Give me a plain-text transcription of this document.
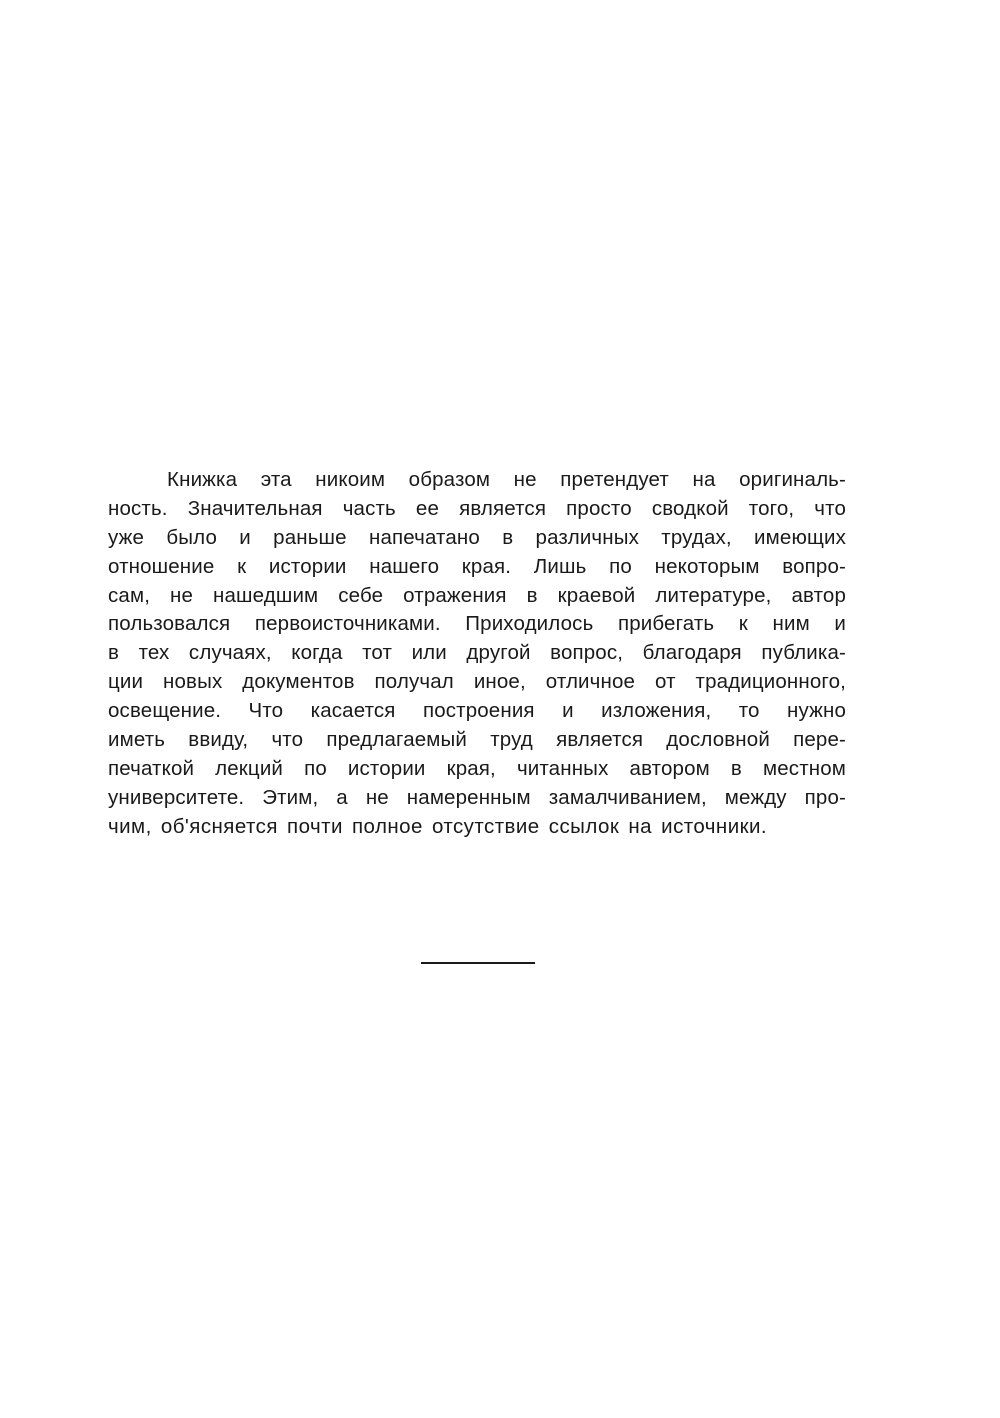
Книжка эта никоим образом не претендует на оригиналь-
ность. Значительная часть ее является просто сводкой того, что
уже было и раньше напечатано в различных трудах, имеющих
отношение к истории нашего края. Лишь по некоторым вопро-
сам, не нашедшим себе отражения в краевой литературе, автор
пользовался первоисточниками. Приходилось прибегать к ним и
в тех случаях, когда тот или другой вопрос, благодаря публика-
ции новых документов получал иное, отличное от традиционного,
освещение. Что касается построения и изложения, то нужно
иметь ввиду, что предлагаемый труд является дословной пере-
печаткой лекций по истории края, читанных автором в местном
университете. Этим, а не намеренным замалчиванием, между про-
чим, об'ясняется почти полное отсутствие ссылок на источники.
